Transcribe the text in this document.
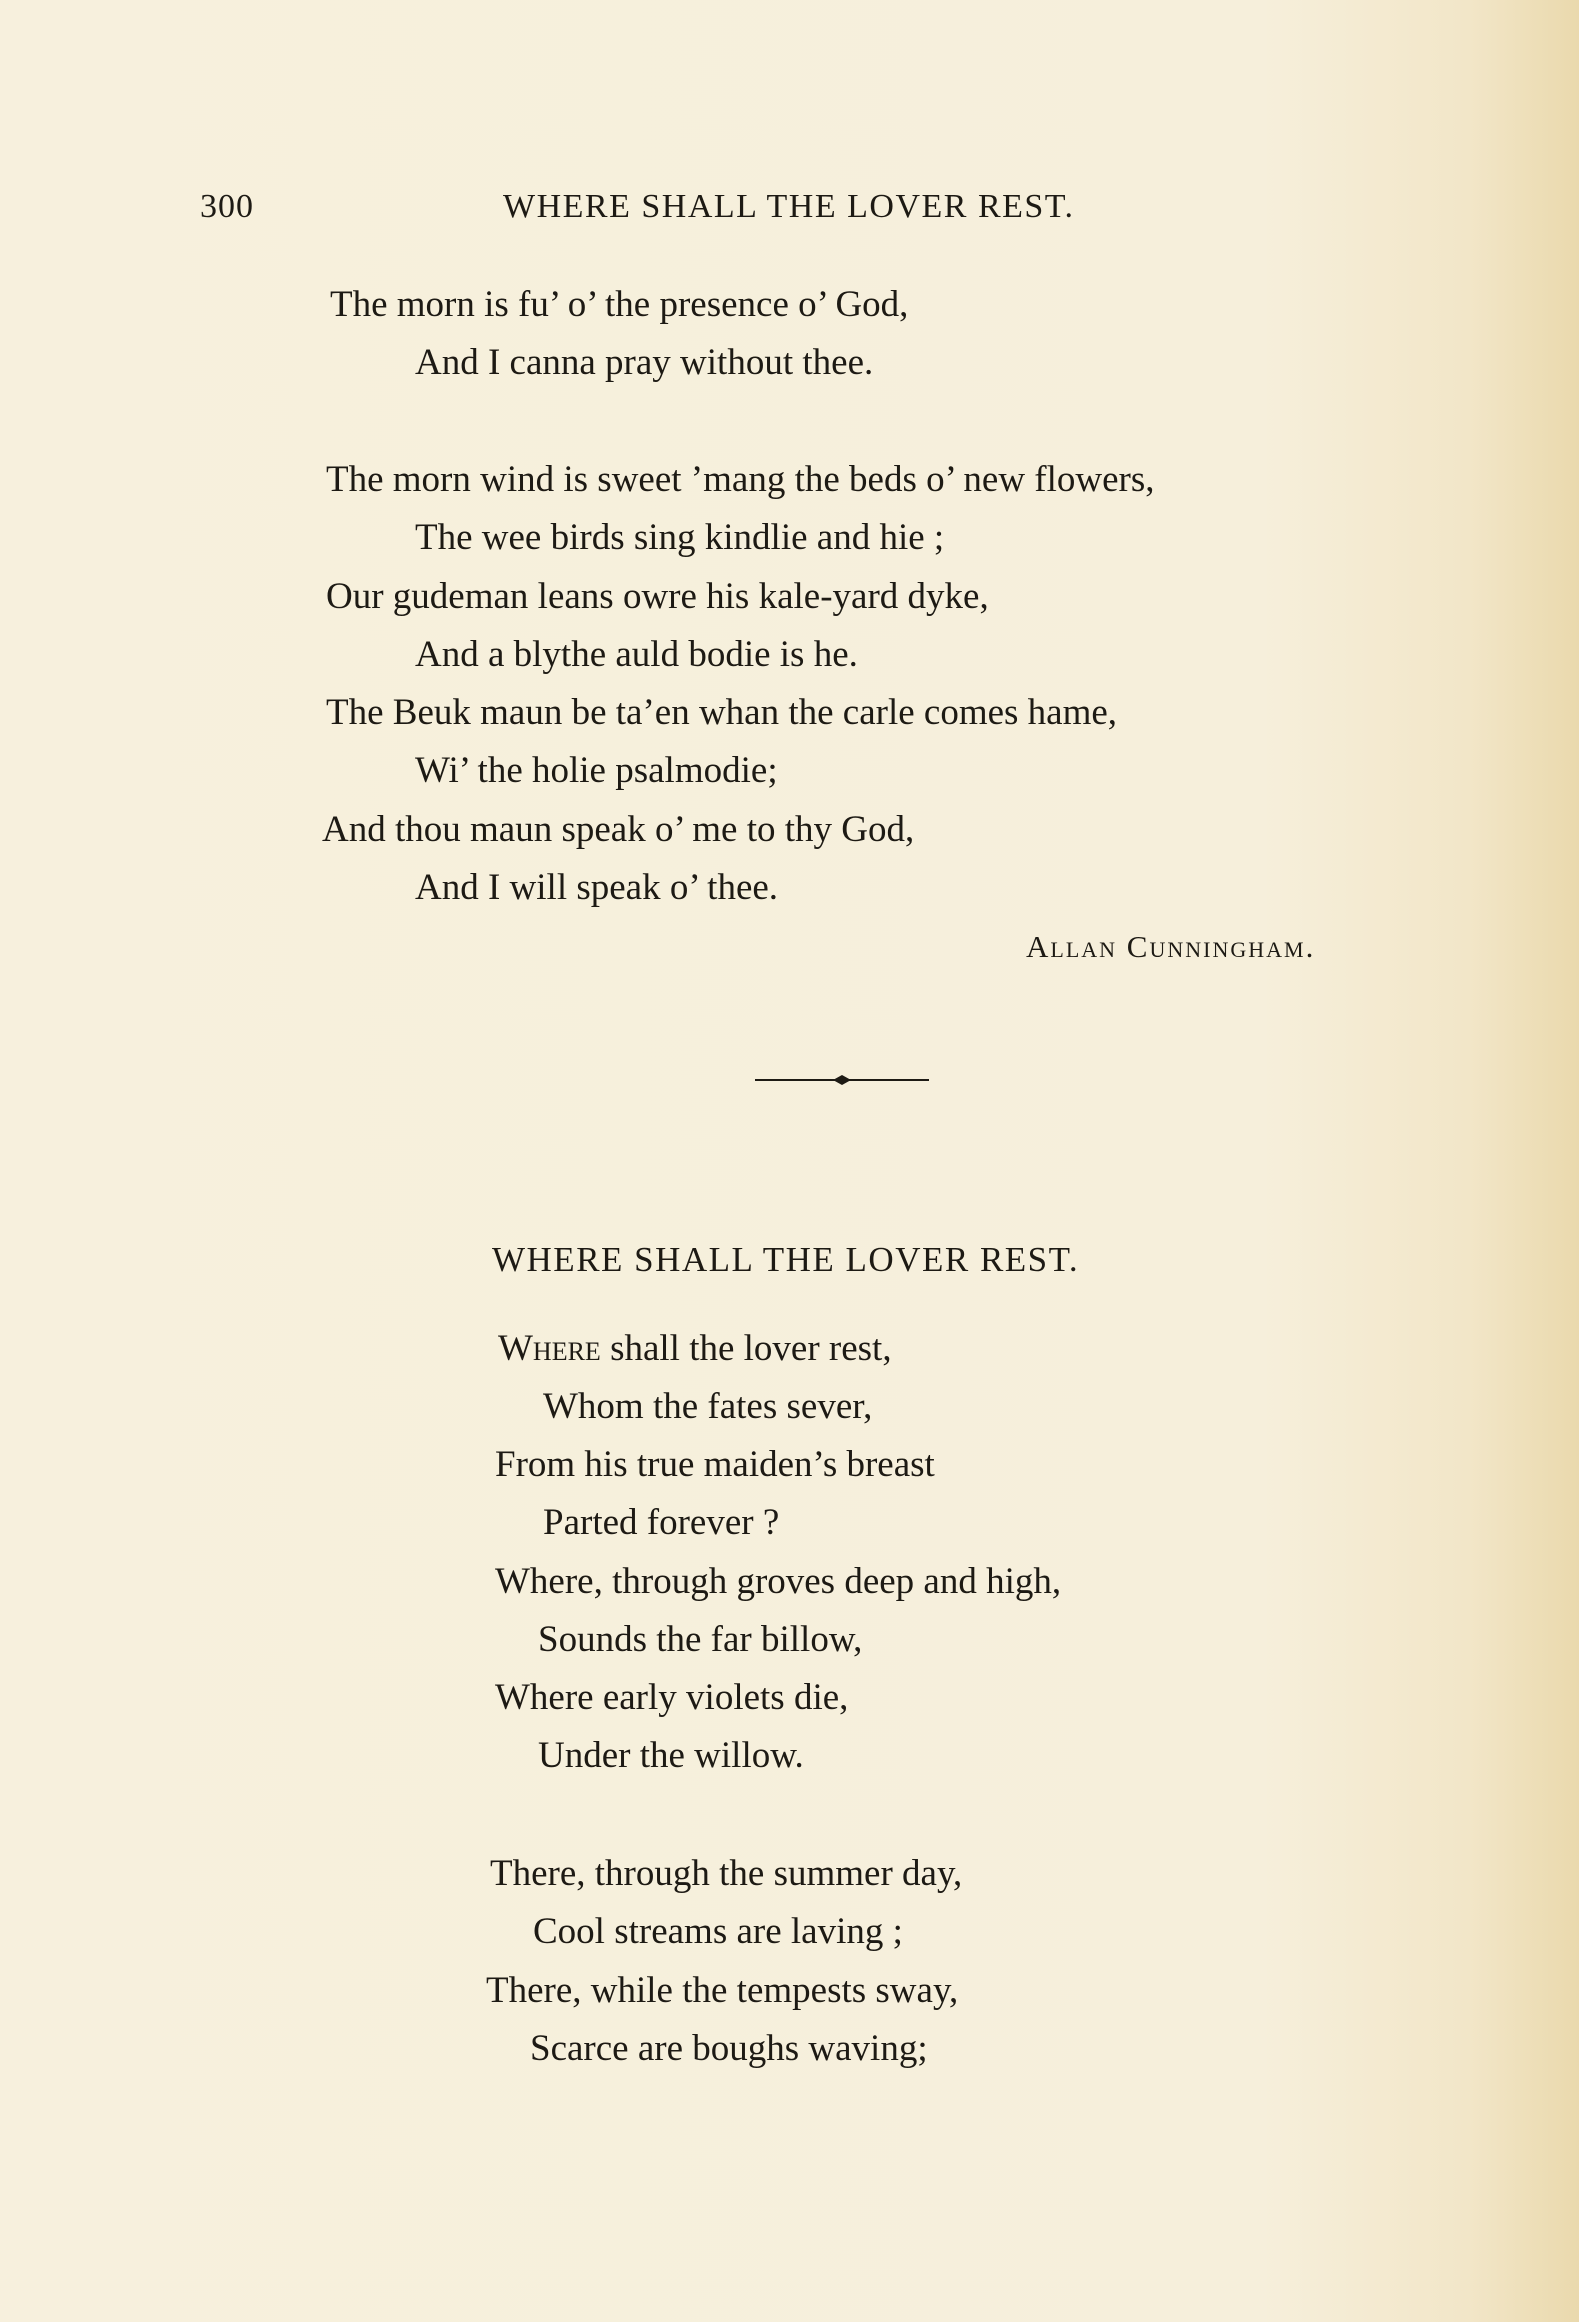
300	WHERE SHALL THE LOVER REST.
The morn is fu’ o’ the presence o’ God,
And I canna pray without thee.
The morn wind is sweet ’mang the beds o’ new flowers,
The wee birds sing kindlie and hie ;
Our gudeman leans owre his kale-yard dyke,
And a blythe auld bodie is he.
The Beuk maun be ta’en whan the carle comes hame,
Wi’ the holie psalmodie;
And thou maun speak o’ me to thy God,
And I will speak o’ thee.
Allan Cunningham.
WHERE SHALL THE LOVER REST.
Where shall the lover rest,
Whom the fates sever,
From his true maiden’s breast
Parted forever ?
Where, through groves deep and high,
Sounds the far billow,
Where early violets die,
Under the willow.
There, through the summer day,
Cool streams are laving ;
There, while the tempests sway,
Scarce are boughs waving;
